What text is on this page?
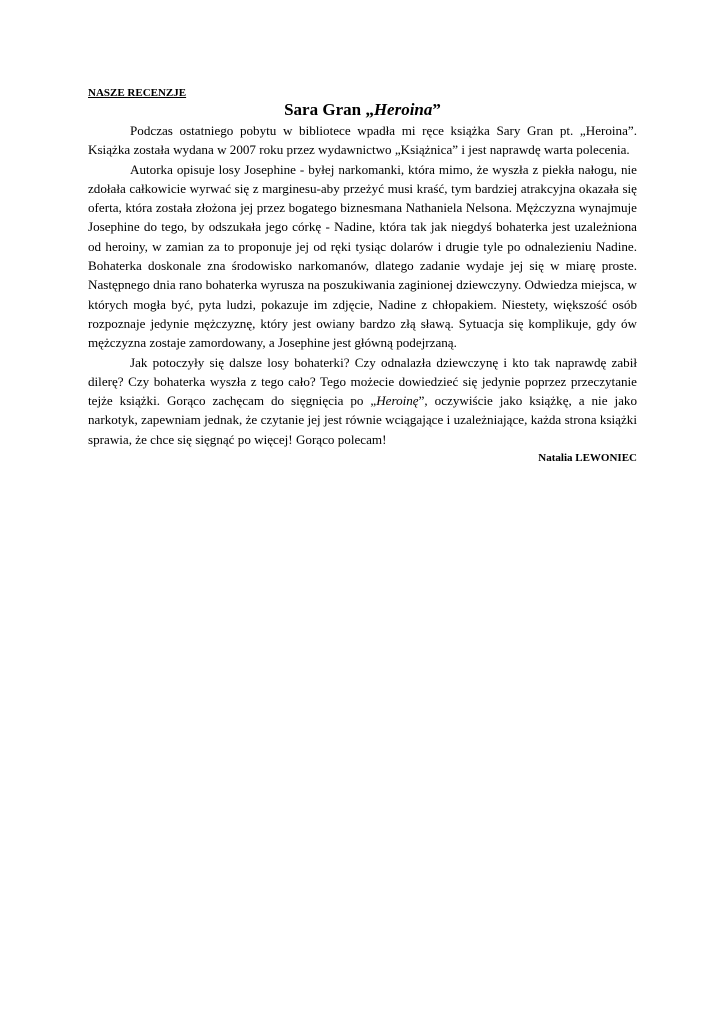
NASZE RECENZJE

Sara Gran „Heroina”

Podczas ostatniego pobytu w bibliotece wpadła mi ręce książka Sary Gran pt. „Heroina”. Książka została wydana w 2007 roku przez wydawnictwo „Książnica” i jest naprawdę warta polecenia.

Autorka opisuje losy Josephine - byłej narkomanki, która mimo, że wyszła z piekła nałogu, nie zdołała całkowicie wyrwać się z marginesu-aby przeżyć musi kraść, tym bardziej atrakcyjna okazała się oferta, która została złożona jej przez bogatego biznesmana Nathaniela Nelsona. Mężczyzna wynajmuje Josephine do tego, by odszukała jego córkę - Nadine, która tak jak niegdyś bohaterka jest uzależniona od heroiny, w zamian za to proponuje jej od ręki tysiąc dolarów i drugie tyle po odnalezieniu Nadine. Bohaterka doskonale zna środowisko narkomanów, dlatego zadanie wydaje jej się w miarę proste. Następnego dnia rano bohaterka wyrusza na poszukiwania zaginionej dziewczyny. Odwiedza miejsca, w których mogła być, pyta ludzi, pokazuje im zdjęcie, Nadine z chłopakiem. Niestety, większość osób rozpoznaje jedynie mężczyznę, który jest owiany bardzo złą sławą. Sytuacja się komplikuje, gdy ów mężczyzna zostaje zamordowany, a Josephine jest główną podejrzaną.

Jak potoczyły się dalsze losy bohaterki? Czy odnalazła dziewczynę i kto tak naprawdę zabił dilerę? Czy bohaterka wyszła z tego cało? Tego możecie dowiedzieć się jedynie poprzez przeczytanie tejże książki. Gorąco zachęcam do sięgnięcia po „Heroinę”, oczywiście jako książkę, a nie jako narkotyk, zapewniam jednak, że czytanie jej jest równie wciągające i uzależniające, każda strona książki sprawia, że chce się sięgnąć po więcej! Gorąco polecam!

Natalia LEWONIEC
